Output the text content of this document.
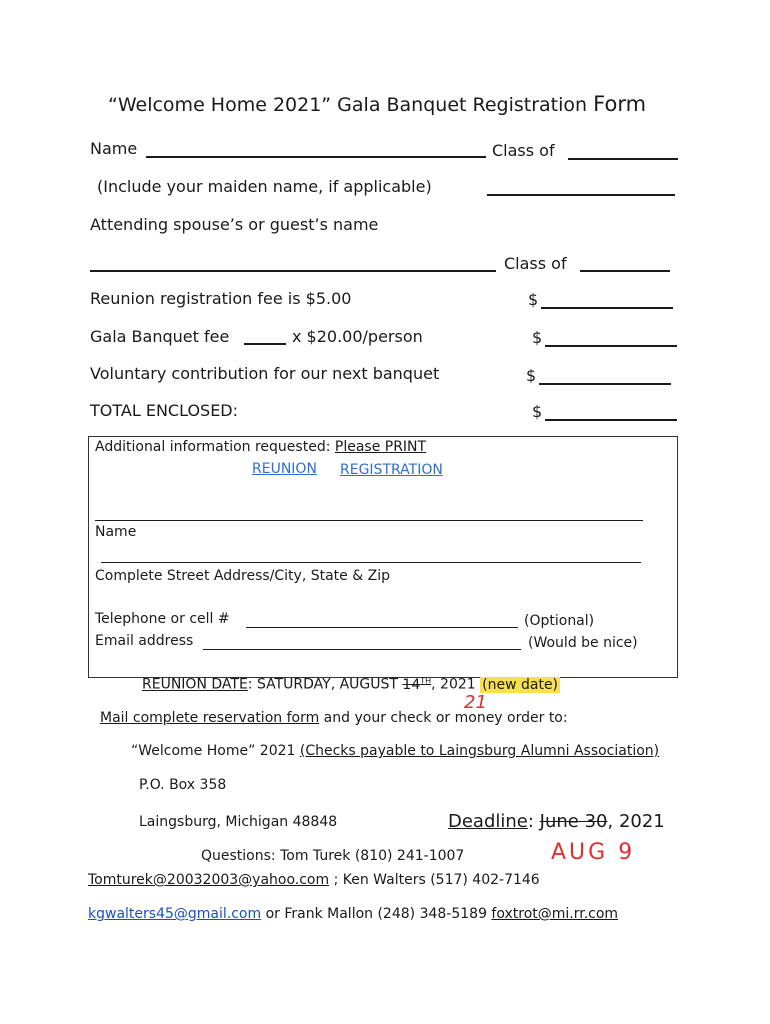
“Welcome Home 2021” Gala Banquet Registration Form
Name	Class of
(Include your maiden name, if applicable)
Attending spouse’s or guest’s name
Class of
Reunion registration fee is $5.00	$
Gala Banquet fee	x $20.00/person	$
Voluntary contribution for our next banquet	$
TOTAL ENCLOSED:	$
Additional information requested: Please PRINT
REUNION REGISTRATION
Name
Complete Street Address/City, State & Zip
Telephone or cell #	(Optional)
Email address	(Would be nice)
REUNION DATE: SATURDAY, AUGUST 14TH, 2021 (new date)
21
Mail complete reservation form and your check or money order to:
“Welcome Home” 2021 (Checks payable to Laingsburg Alumni Association)
P.O. Box 358
Laingsburg, Michigan 48848	Deadline: June 30, 2021
AUG 9
Questions: Tom Turek (810) 241-1007
Tomturek@20032003@yahoo.com ; Ken Walters (517) 402-7146
kgwalters45@gmail.com or Frank Mallon (248) 348-5189 foxtrot@mi.rr.com
